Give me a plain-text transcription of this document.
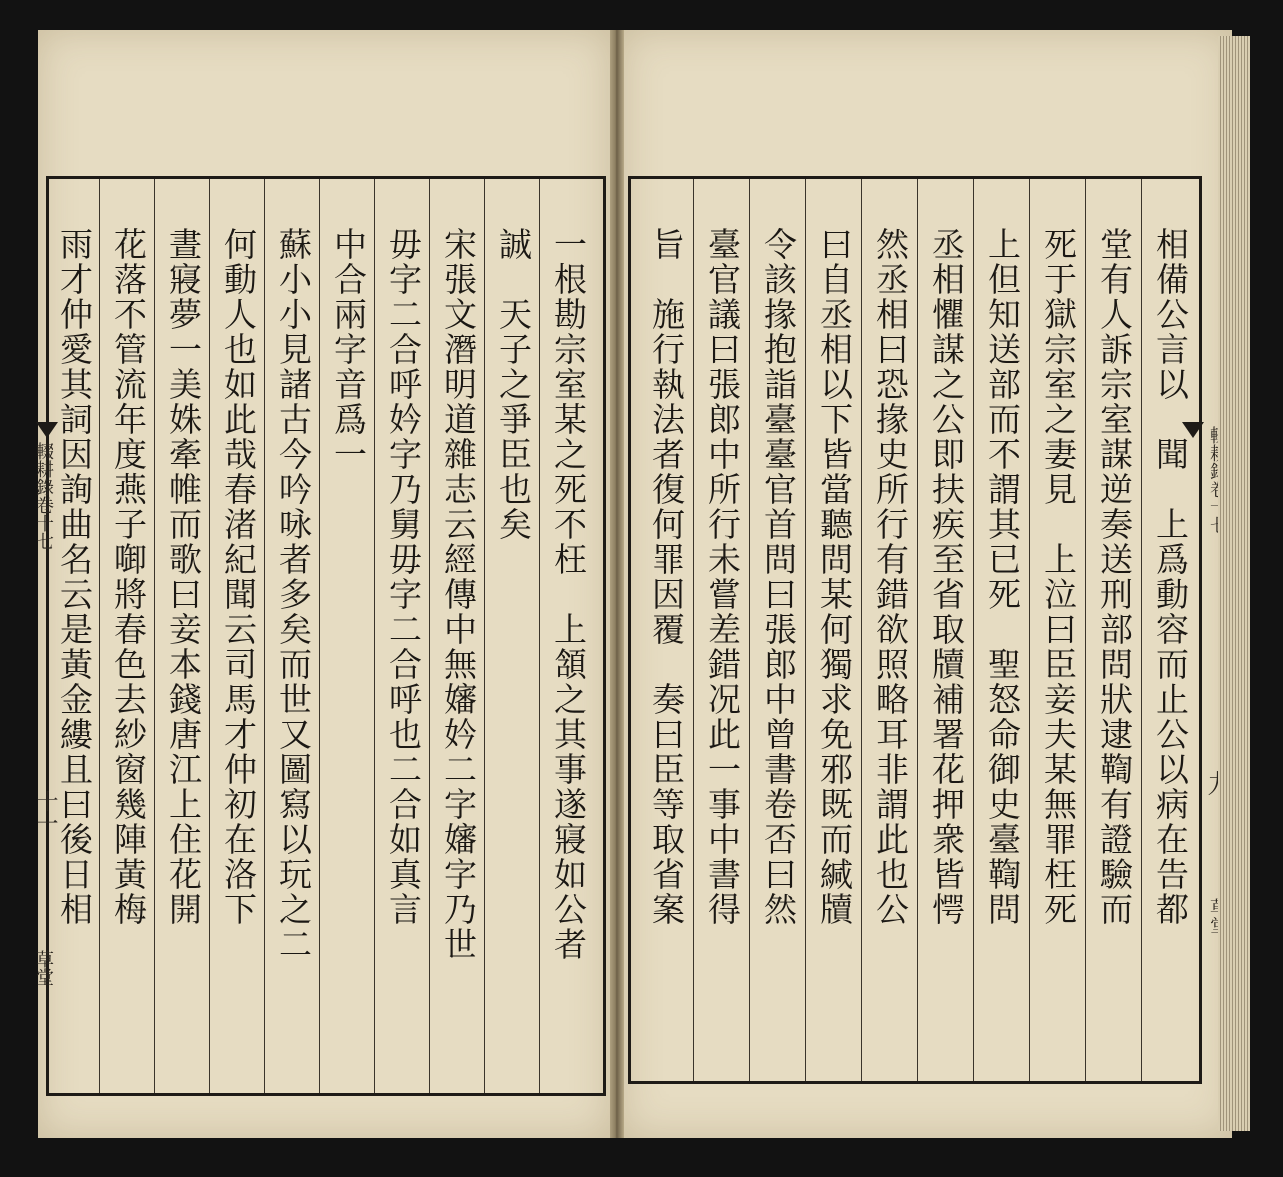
相備公言以　聞　上爲動容而止公以病在告都
堂有人訴宗室謀逆奏送刑部問狀逮鞫有證驗而
死于獄宗室之妻見　上泣曰臣妾夫某無罪枉死
上但知送部而不謂其已死　聖怒命御史臺鞫問
丞相懼謀之公即扶疾至省取牘補署花押衆皆愕
然丞相曰恐掾史所行有錯欲照略耳非謂此也公
曰自丞相以下皆當聽問某何獨求免邪既而緘牘
令該掾抱詣臺臺官首問曰張郎中曾書卷否曰然
臺官議曰張郎中所行未嘗差錯况此一事中書得
旨　施行執法者復何罪因覆　奏曰臣等取省案
一根勘宗室某之死不枉　上頷之其事遂寢如公者
誠　天子之爭臣也矣
宋張文潛明道雜志云經傳中無嬸妗二字嬸字乃世
毋字二合呼妗字乃舅毋字二合呼也二合如真言
中合兩字音爲一
蘇小小見諸古今吟咏者多矣而世又圖寫以玩之二
何動人也如此哉春渚紀聞云司馬才仲初在洛下
晝寢夢一美姝牽帷而歌曰妾本錢唐江上住花開
花落不管流年度燕子啣將春色去紗窗幾陣黃梅
雨才仲愛其詞因詢曲名云是黃金縷且曰後日相
輟耕錄卷十七
十一
草堂
